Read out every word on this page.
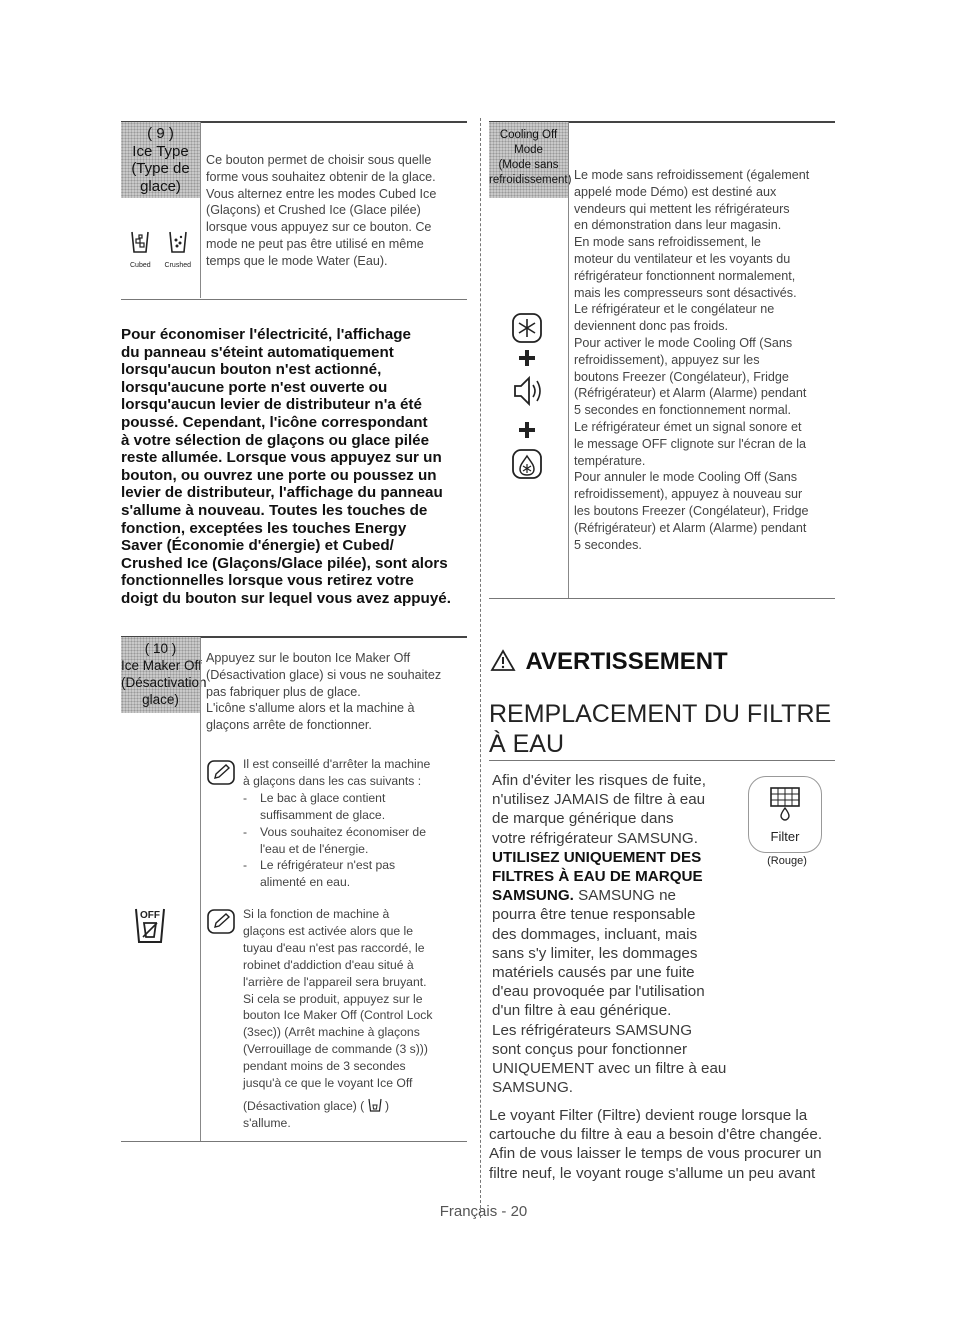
( 9 )
Ice Type
(Type de
glace)
Ce bouton permet de choisir sous quelle
forme vous souhaitez obtenir de la glace.
Vous alternez entre les modes Cubed Ice
(Glaçons) et Crushed Ice (Glace pilée)
lorsque vous appuyez sur ce bouton. Ce
mode ne peut pas être utilisé en même
temps que le mode Water (Eau).
Cubed Crushed
Pour économiser l'électricité, l'affichage
du panneau s'éteint automatiquement
lorsqu'aucun bouton n'est actionné,
lorsqu'aucune porte n'est ouverte ou
lorsqu'aucun levier de distributeur n'a été
poussé. Cependant, l'icône correspondant
à votre sélection de glaçons ou glace pilée
reste allumée. Lorsque vous appuyez sur un
bouton, ou ouvrez une porte ou poussez un
levier de distributeur, l'affichage du panneau
s'allume à nouveau. Toutes les touches de
fonction, exceptées les touches Energy
Saver (Économie d'énergie) et Cubed/
Crushed Ice (Glaçons/Glace pilée), sont alors
fonctionnelles lorsque vous retirez votre
doigt du bouton sur lequel vous avez appuyé.
( 10 )
Ice Maker Off
(Désactivation
glace)
Appuyez sur le bouton Ice Maker Off
(Désactivation glace) si vous ne souhaitez
pas fabriquer plus de glace.
L'icône s'allume alors et la machine à
glaçons arrête de fonctionner.
Il est conseillé d'arrêter la machine
à glaçons dans les cas suivants :
- Le bac à glace contient
suffisamment de glace.
- Vous souhaitez économiser de
l'eau et de l'énergie.
- Le réfrigérateur n'est pas
alimenté en eau.
OFF	Si la fonction de machine à
glaçons est activée alors que le
tuyau d'eau n'est pas raccordé, le
robinet d'addiction d'eau situé à
l'arrière de l'appareil sera bruyant.
Si cela se produit, appuyez sur le
bouton Ice Maker Off (Control Lock
(3sec)) (Arrêt machine à glaçons
(Verrouillage de commande (3 s)))
pendant moins de 3 secondes
jusqu'à ce que le voyant Ice Off
(Désactivation glace) ( )
s'allume.
Cooling Off
Mode
(Mode sans
refroidissement) Le mode sans refroidissement (également
appelé mode Démo) est destiné aux
vendeurs qui mettent les réfrigérateurs
en démonstration dans leur magasin.
En mode sans refroidissement, le
moteur du ventilateur et les voyants du
réfrigérateur fonctionnent normalement,
mais les compresseurs sont désactivés.
Le réfrigérateur et le congélateur ne
deviennent donc pas froids.
Pour activer le mode Cooling Off (Sans
refroidissement), appuyez sur les
boutons Freezer (Congélateur), Fridge
(Réfrigérateur) et Alarm (Alarme) pendant
5 secondes en fonctionnement normal.
Le réfrigérateur émet un signal sonore et
le message OFF clignote sur l'écran de la
température.
Pour annuler le mode Cooling Off (Sans
refroidissement), appuyez à nouveau sur
les boutons Freezer (Congélateur), Fridge
(Réfrigérateur) et Alarm (Alarme) pendant
5 secondes.
AVERTISSEMENT
REMPLACEMENT DU FILTRE
À EAU
Afin d'éviter les risques de fuite,
n'utilisez JAMAIS de filtre à eau
de marque générique dans
votre réfrigérateur SAMSUNG.
UTILISEZ UNIQUEMENT DES
FILTRES À EAU DE MARQUE
SAMSUNG. SAMSUNG ne
pourra être tenue responsable
des dommages, incluant, mais
sans s'y limiter, les dommages
matériels causés par une fuite
d'eau provoquée par l'utilisation
d'un filtre à eau générique.
Les réfrigérateurs SAMSUNG
sont conçus pour fonctionner
UNIQUEMENT avec un filtre à eau
SAMSUNG.
Filter
(Rouge)
Le voyant Filter (Filtre) devient rouge lorsque la
cartouche du filtre à eau a besoin d'être changée.
Afin de vous laisser le temps de vous procurer un
filtre neuf, le voyant rouge s'allume un peu avant
Français - 20
